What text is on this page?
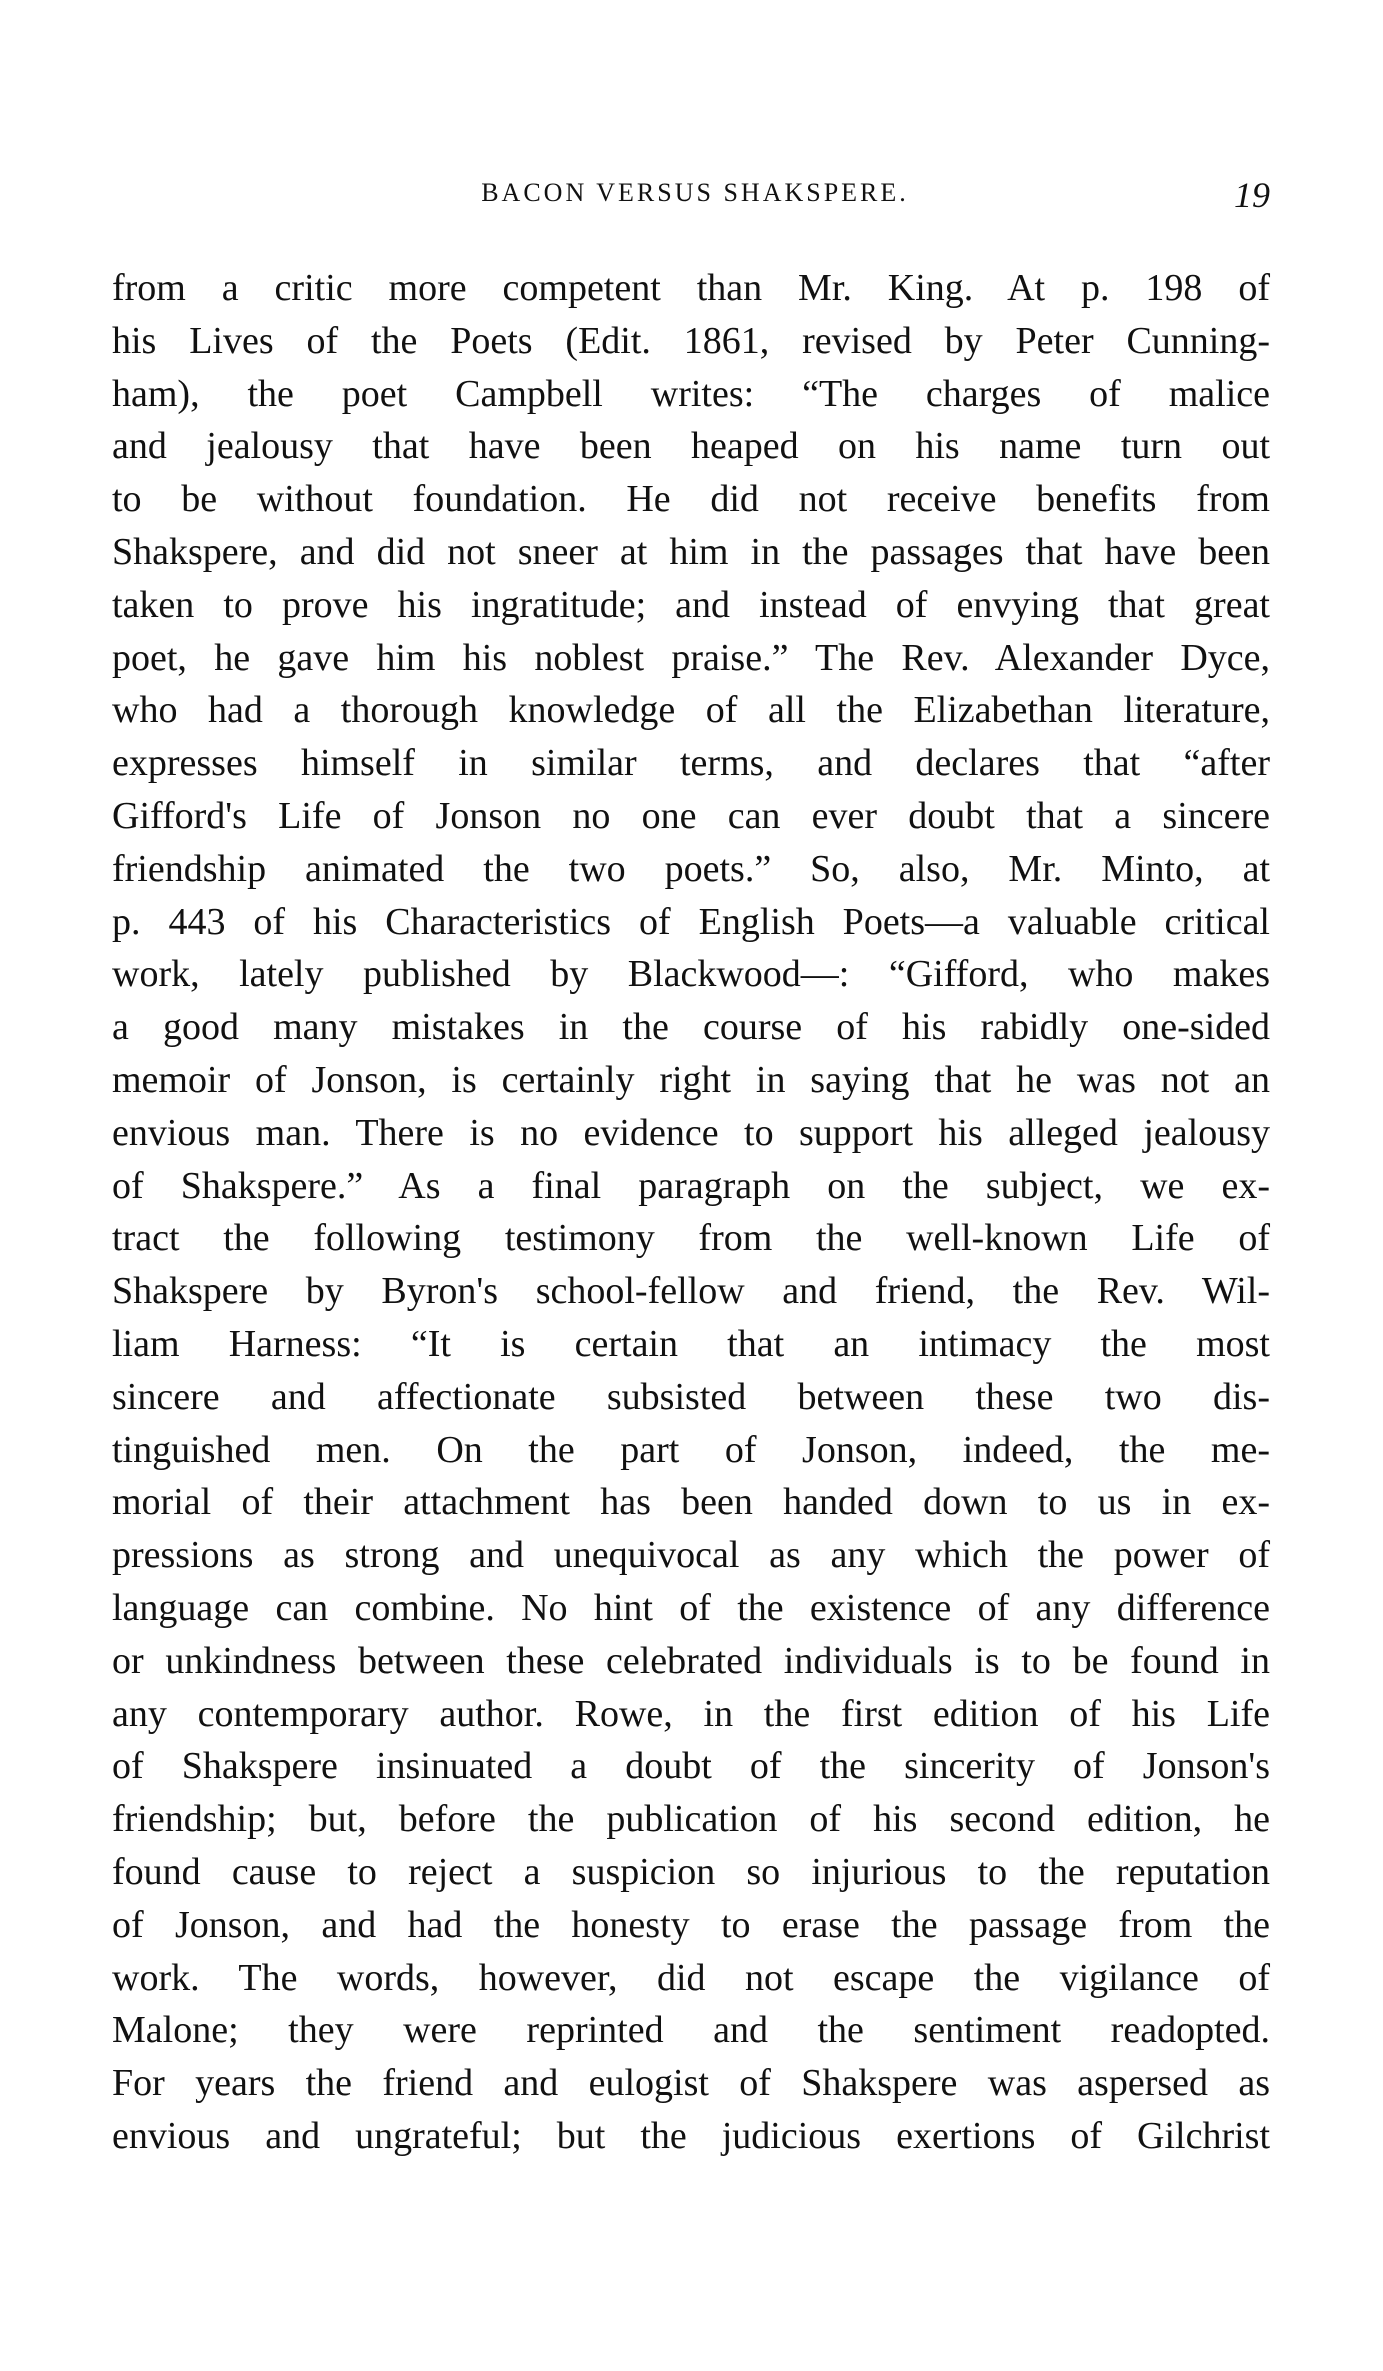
BACON VERSUS SHAKSPERE.	19
from a critic more competent than Mr. King. At p. 198 of
his Lives of the Poets (Edit. 1861, revised by Peter Cunning-
ham), the poet Campbell writes: “The charges of malice
and jealousy that have been heaped on his name turn out
to be without foundation. He did not receive benefits from
Shakspere, and did not sneer at him in the passages that have been
taken to prove his ingratitude; and instead of envying that great
poet, he gave him his noblest praise.” The Rev. Alexander Dyce,
who had a thorough knowledge of all the Elizabethan literature,
expresses himself in similar terms, and declares that “after
Gifford's Life of Jonson no one can ever doubt that a sincere
friendship animated the two poets.” So, also, Mr. Minto, at
p. 443 of his Characteristics of English Poets—a valuable critical
work, lately published by Blackwood—: “Gifford, who makes
a good many mistakes in the course of his rabidly one-sided
memoir of Jonson, is certainly right in saying that he was not an
envious man. There is no evidence to support his alleged jealousy
of Shakspere.” As a final paragraph on the subject, we ex-
tract the following testimony from the well-known Life of
Shakspere by Byron's school-fellow and friend, the Rev. Wil-
liam Harness: “It is certain that an intimacy the most
sincere and affectionate subsisted between these two dis-
tinguished men. On the part of Jonson, indeed, the me-
morial of their attachment has been handed down to us in ex-
pressions as strong and unequivocal as any which the power of
language can combine. No hint of the existence of any difference
or unkindness between these celebrated individuals is to be found in
any contemporary author. Rowe, in the first edition of his Life
of Shakspere insinuated a doubt of the sincerity of Jonson's
friendship; but, before the publication of his second edition, he
found cause to reject a suspicion so injurious to the reputation
of Jonson, and had the honesty to erase the passage from the
work. The words, however, did not escape the vigilance of
Malone; they were reprinted and the sentiment readopted.
For years the friend and eulogist of Shakspere was aspersed as
envious and ungrateful; but the judicious exertions of Gilchrist
